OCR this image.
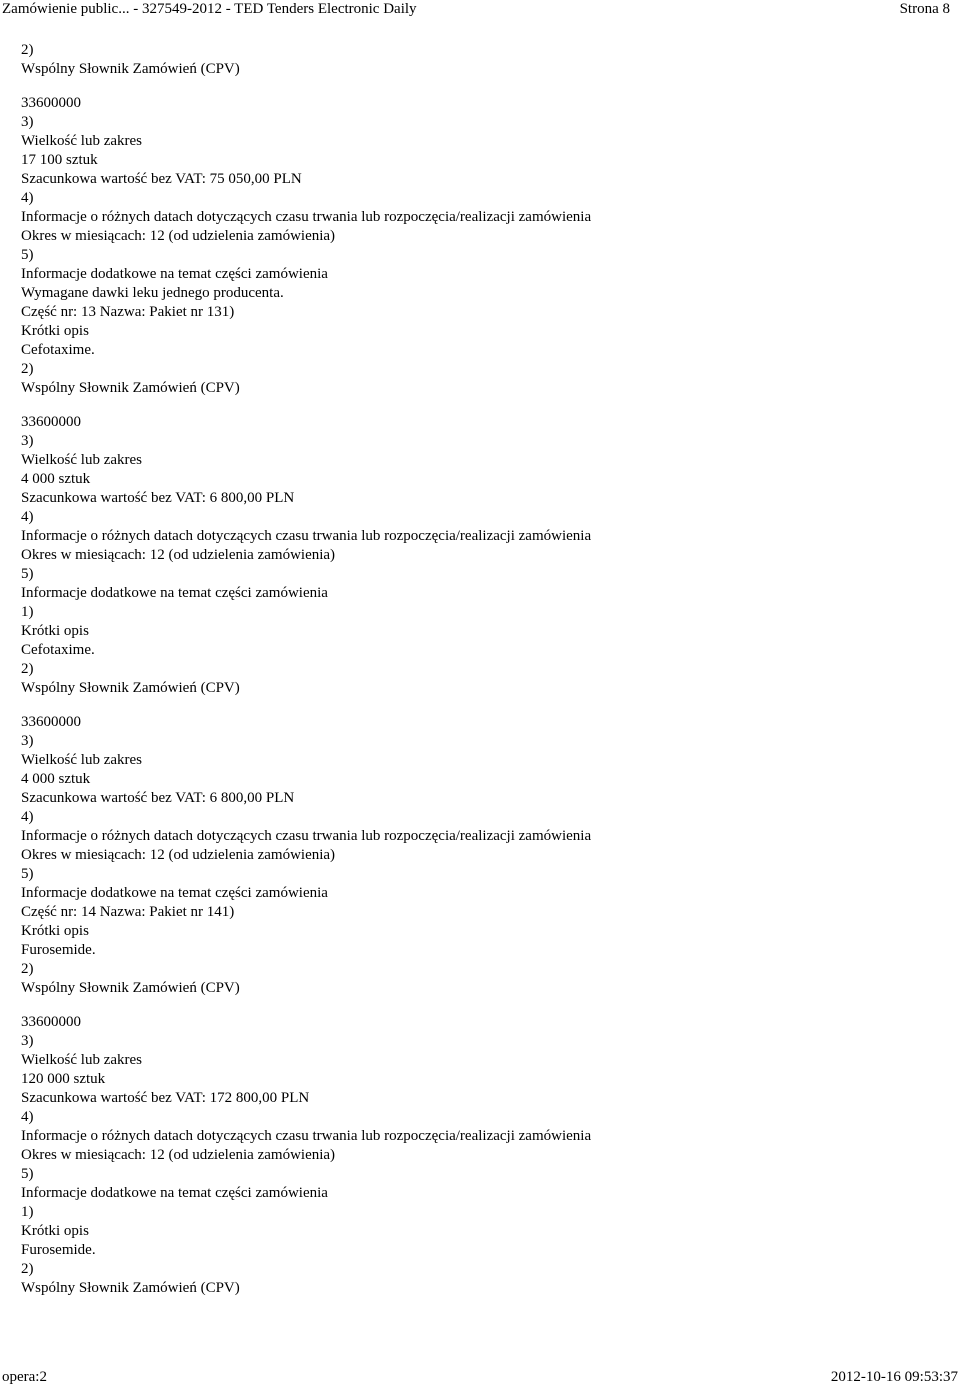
Zamówienie public... - 327549-2012 - TED Tenders Electronic Daily	Strona 8
2)
Wspólny Słownik Zamówień (CPV)
33600000
3)
Wielkość lub zakres
17 100 sztuk
Szacunkowa wartość bez VAT: 75 050,00 PLN
4)
Informacje o różnych datach dotyczących czasu trwania lub rozpoczęcia/realizacji zamówienia
Okres w miesiącach: 12 (od udzielenia zamówienia)
5)
Informacje dodatkowe na temat części zamówienia
Wymagane dawki leku jednego producenta.
Część nr: 13 Nazwa: Pakiet nr 131)
Krótki opis
Cefotaxime.
2)
Wspólny Słownik Zamówień (CPV)
33600000
3)
Wielkość lub zakres
4 000 sztuk
Szacunkowa wartość bez VAT: 6 800,00 PLN
4)
Informacje o różnych datach dotyczących czasu trwania lub rozpoczęcia/realizacji zamówienia
Okres w miesiącach: 12 (od udzielenia zamówienia)
5)
Informacje dodatkowe na temat części zamówienia
1)
Krótki opis
Cefotaxime.
2)
Wspólny Słownik Zamówień (CPV)
33600000
3)
Wielkość lub zakres
4 000 sztuk
Szacunkowa wartość bez VAT: 6 800,00 PLN
4)
Informacje o różnych datach dotyczących czasu trwania lub rozpoczęcia/realizacji zamówienia
Okres w miesiącach: 12 (od udzielenia zamówienia)
5)
Informacje dodatkowe na temat części zamówienia
Część nr: 14 Nazwa: Pakiet nr 141)
Krótki opis
Furosemide.
2)
Wspólny Słownik Zamówień (CPV)
33600000
3)
Wielkość lub zakres
120 000 sztuk
Szacunkowa wartość bez VAT: 172 800,00 PLN
4)
Informacje o różnych datach dotyczących czasu trwania lub rozpoczęcia/realizacji zamówienia
Okres w miesiącach: 12 (od udzielenia zamówienia)
5)
Informacje dodatkowe na temat części zamówienia
1)
Krótki opis
Furosemide.
2)
Wspólny Słownik Zamówień (CPV)
opera:2	2012-10-16 09:53:37
